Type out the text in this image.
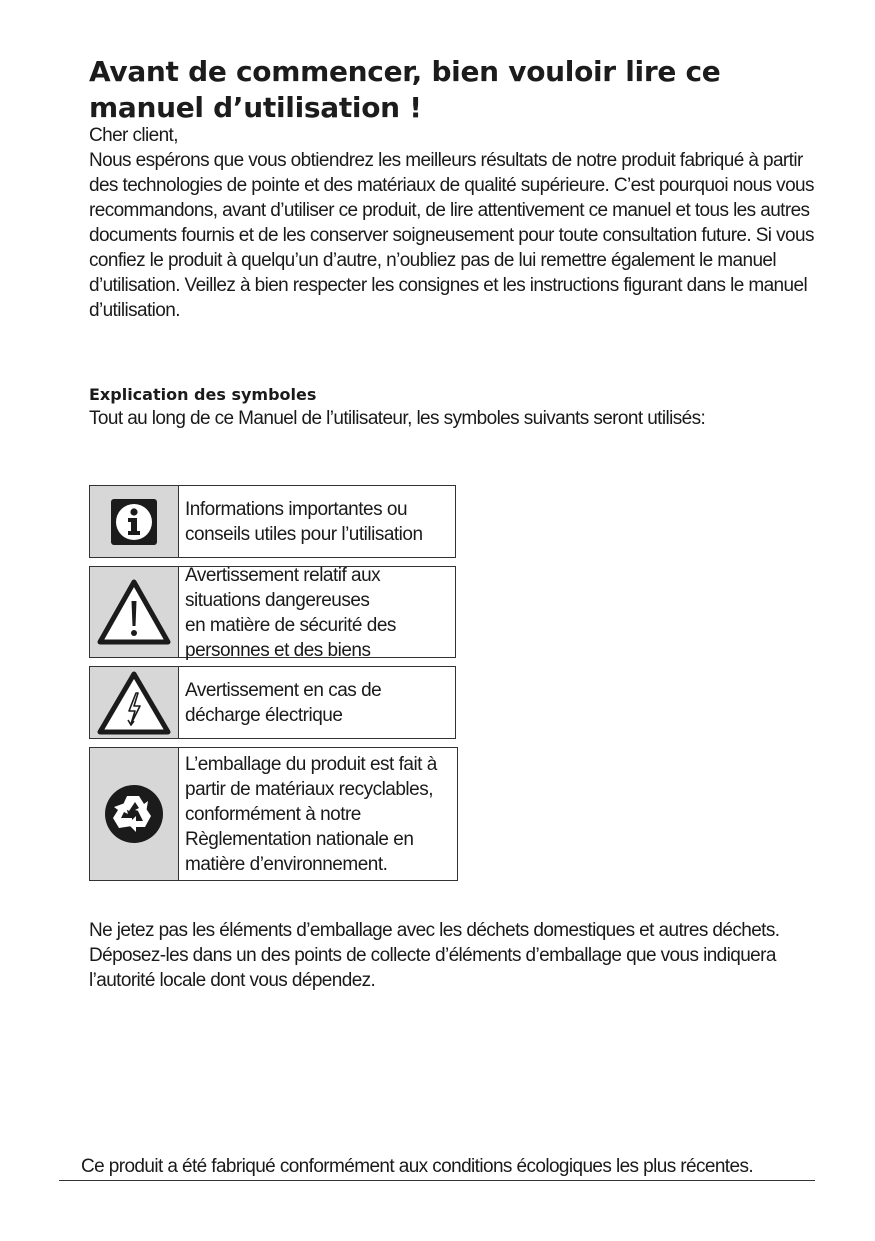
Avant de commencer, bien vouloir lire ce manuel d’utilisation !
Cher client,

Nous espérons que vous obtiendrez les meilleurs résultats de notre produit fabriqué à partir des technologies de pointe et des matériaux de qualité supérieure. C’est pourquoi nous vous recommandons, avant d’utiliser ce produit, de lire attentivement ce manuel et tous les autres documents fournis et de les conserver soigneusement pour toute consultation future. Si vous confiez le produit à quelqu’un d’autre, n’oubliez pas de lui remettre également le manuel d’utilisation. Veillez à bien respecter les consignes et les instructions figurant dans le manuel d’utilisation.

Explication des symboles
Tout au long de ce Manuel de l’utilisateur, les symboles suivants seront utilisés:
Informations importantes ou
conseils utiles pour l’utilisation
Avertissement relatif aux
situations dangereuses
en matière de sécurité des
personnes et des biens
Avertissement en cas de
décharge électrique
L’emballage du produit est fait à
partir de matériaux recyclables,
conformément à notre
Règlementation nationale en
matière d’environnement.

Ne jetez pas les éléments d’emballage avec les déchets domestiques et autres déchets. Déposez-les dans un des points de collecte d’éléments d’emballage que vous indiquera l’autorité locale dont vous dépendez.

Ce produit a été fabriqué conformément aux conditions écologiques les plus récentes.
